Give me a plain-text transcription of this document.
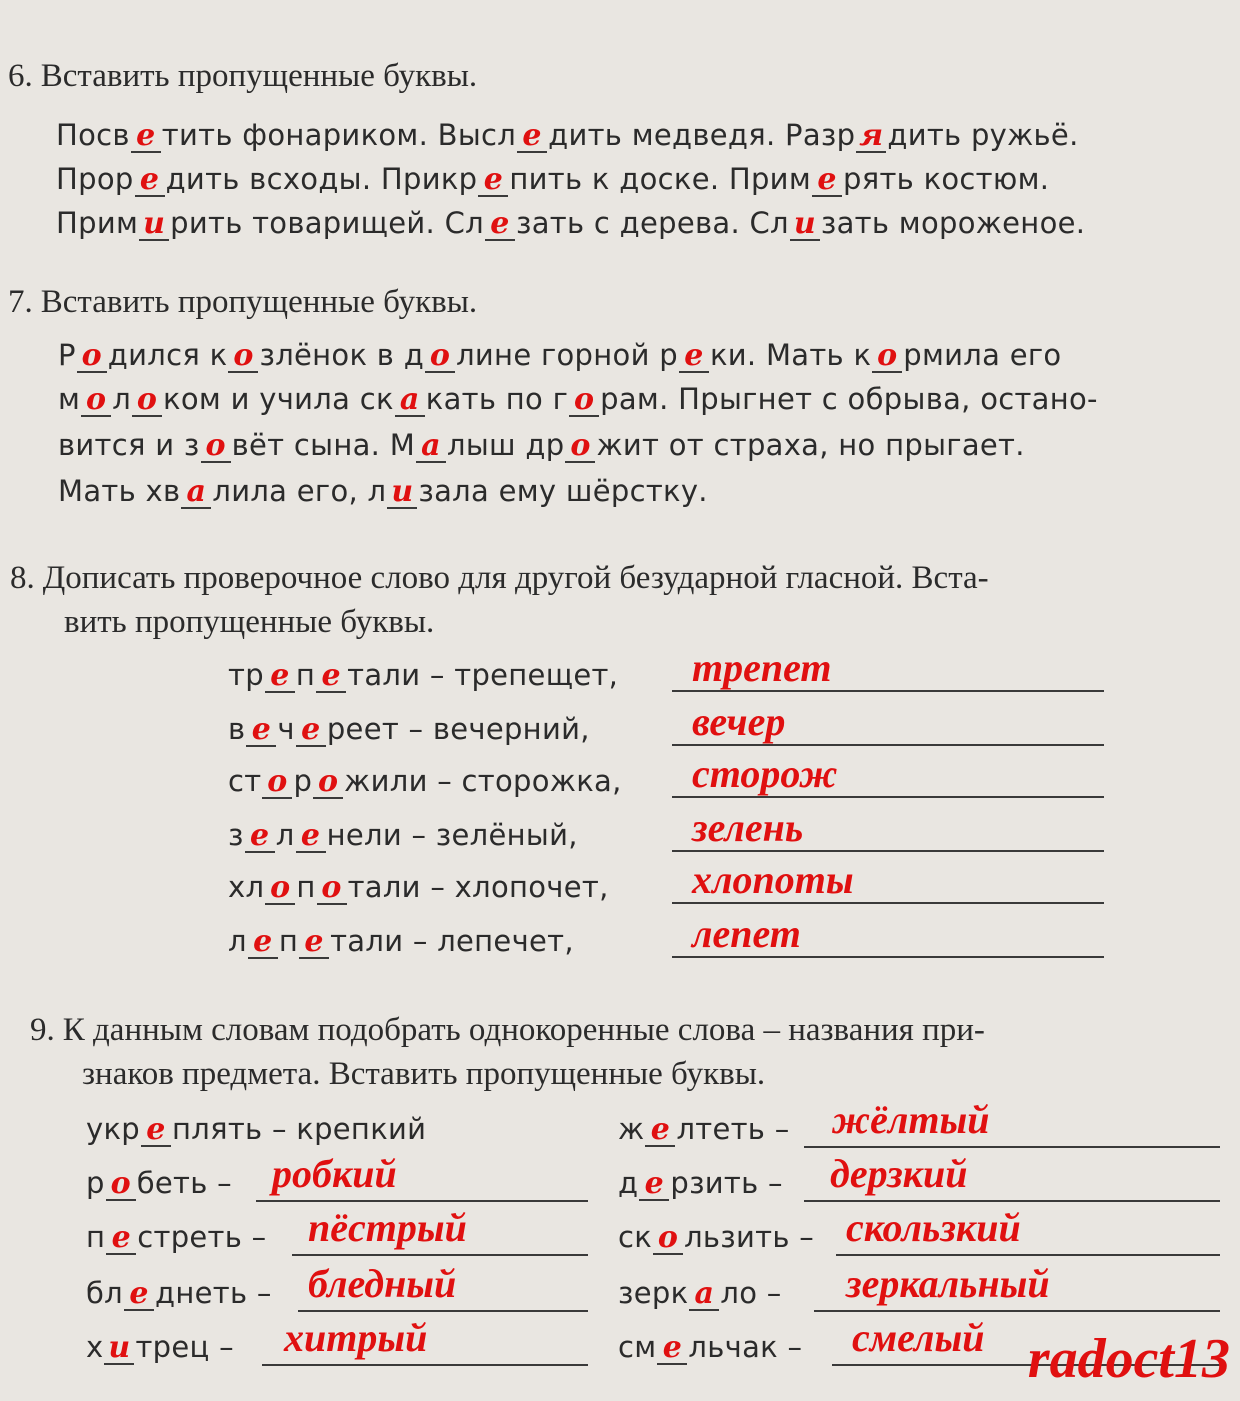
6. Вставить пропущенные буквы.
Посв е тить фонариком. Высл е дить медведя. Разр я дить ружьё.
Прор е дить всходы. Прикр е пить к доске. Прим е рять костюм.
Прим и рить товарищей. Сл е зать с дерева. Сл и зать мороженое.
7. Вставить пропущенные буквы.
Р о дился к о злёнок в д о лине горной р е ки. Мать к о рмила его
м о л о ком и учила ск а кать по г о рам. Прыгнет с обрыва, остано-
вится и з о вёт сына. М а лыш др о жит от страха, но прыгает.
Мать хв а лила его, л и зала ему шёрстку.
8. Дописать проверочное слово для другой безударной гласной. Вста-
вить пропущенные буквы.
тр е п е тали – трепещет, трепет
в е ч е реет – вечерний,	вечер
ст о р о жили – сторожка, сторож
з е л е нели – зелёный,	зелень
хл о п о тали – хлопочет, хлопоты
л е п е тали – лепечет,	лепет
9. К данным словам подобрать однокоренные слова – названия при-
знаков предмета. Вставить пропущенные буквы.
укр е плять – крепкий
р о беть – робкий
п е стреть – пёстрый
бл е днеть – бледный
х и трец – хитрый
ж е лтеть – жёлтый
д е рзить – дерзкий
ск о льзить – скользкий
зерк а ло – зеркальный
см е льчак – смелый radoct13
